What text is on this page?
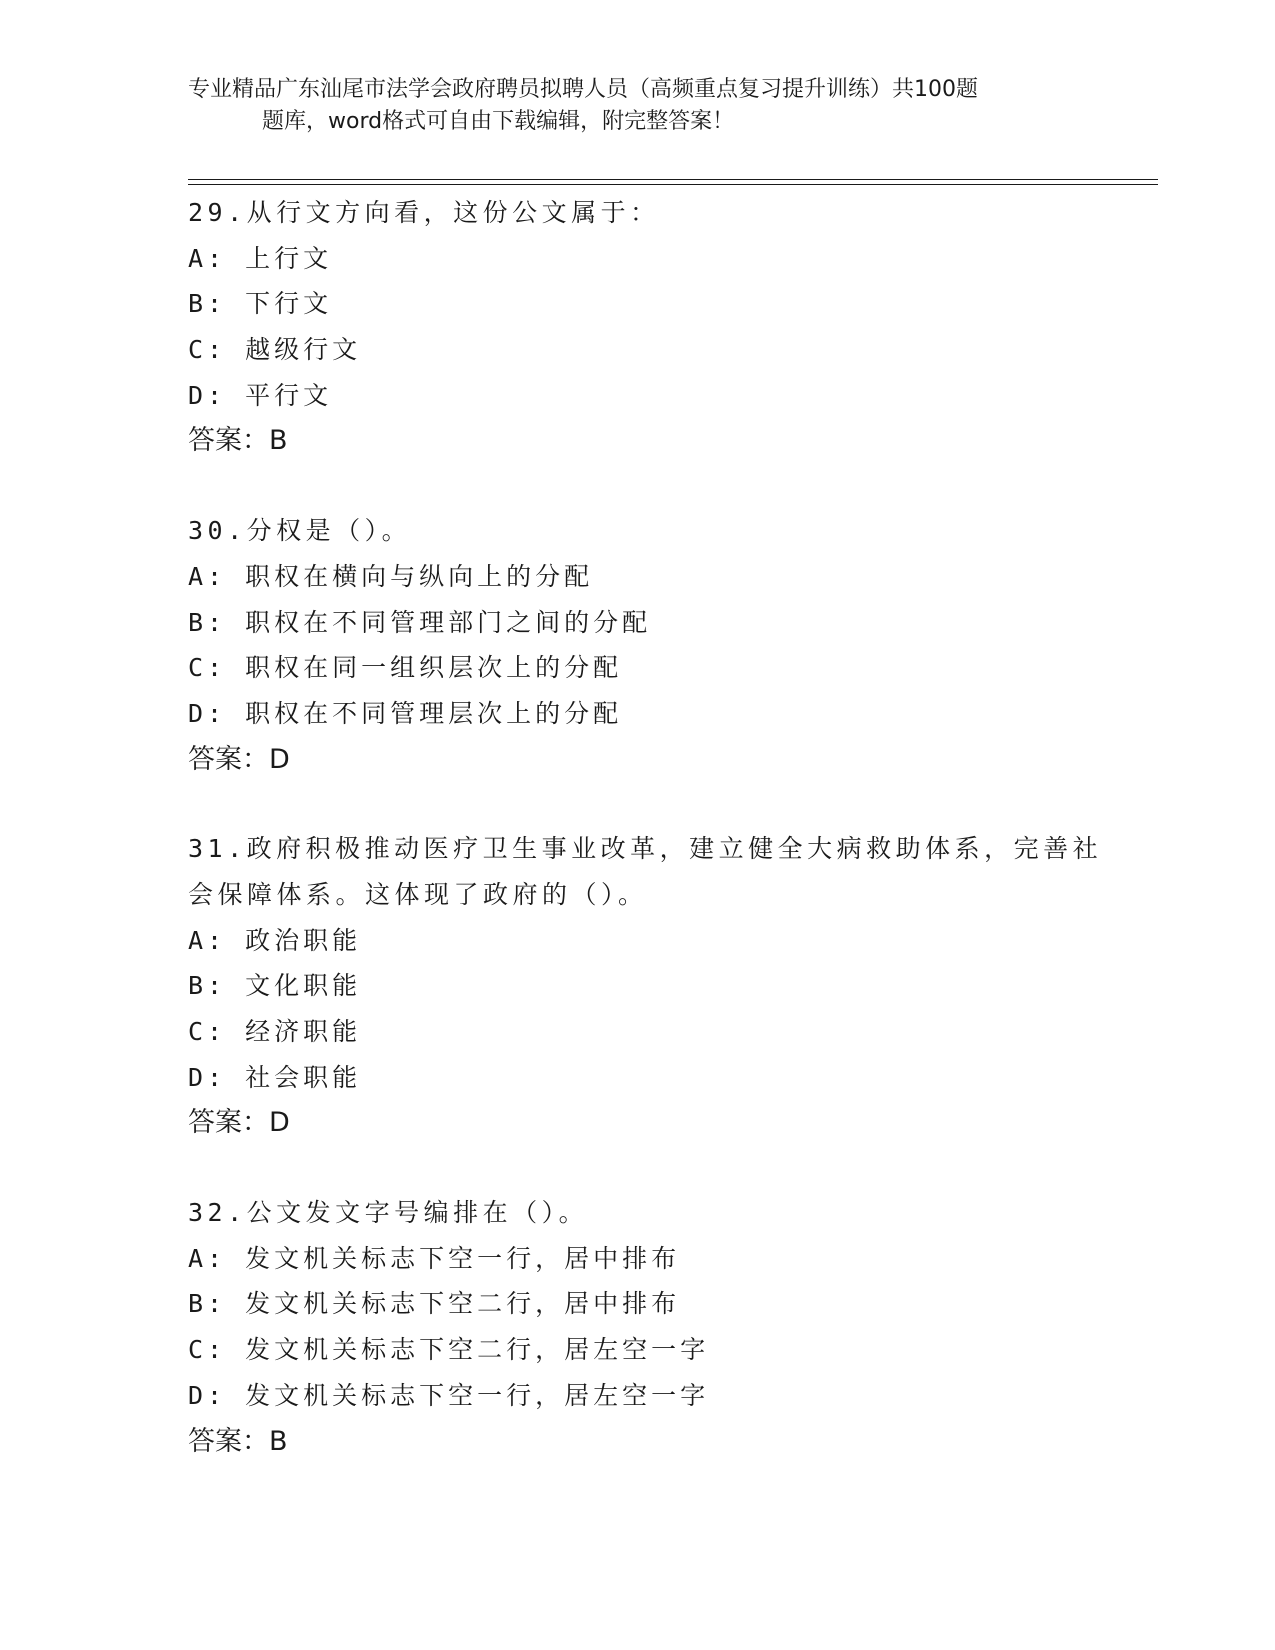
专业精品广东汕尾市法学会政府聘员拟聘人员（高频重点复习提升训练）共100题
题库，word格式可自由下载编辑，附完整答案！
29.从行文方向看，这份公文属于：
A: 上行文
B: 下行文
C: 越级行文
D: 平行文
答案：B
30.分权是（）。
A: 职权在横向与纵向上的分配
B: 职权在不同管理部门之间的分配
C: 职权在同一组织层次上的分配
D: 职权在不同管理层次上的分配
答案：D
31.政府积极推动医疗卫生事业改革，建立健全大病救助体系，完善社
会保障体系。这体现了政府的（）。
A: 政治职能
B: 文化职能
C: 经济职能
D: 社会职能
答案：D
32.公文发文字号编排在（）。
A: 发文机关标志下空一行，居中排布
B: 发文机关标志下空二行，居中排布
C: 发文机关标志下空二行，居左空一字
D: 发文机关标志下空一行，居左空一字
答案：B
